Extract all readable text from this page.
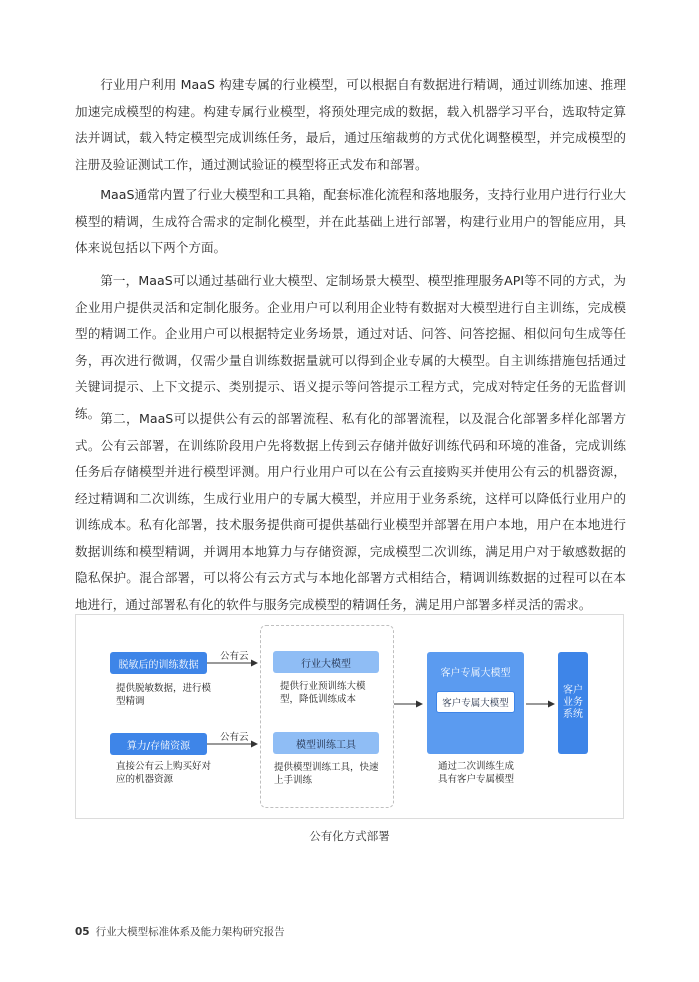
行业用户利用 MaaS 构建专属的行业模型，可以根据自有数据进行精调，通过训练加速、推理加速完成模型的构建。构建专属行业模型，将预处理完成的数据，载入机器学习平台，选取特定算法并调试，载入特定模型完成训练任务，最后，通过压缩裁剪的方式优化调整模型，并完成模型的注册及验证测试工作，通过测试验证的模型将正式发布和部署。

MaaS通常内置了行业大模型和工具箱，配套标准化流程和落地服务，支持行业用户进行行业大模型的精调，生成符合需求的定制化模型，并在此基础上进行部署，构建行业用户的智能应用，具体来说包括以下两个方面。

第一，MaaS可以通过基础行业大模型、定制场景大模型、模型推理服务API等不同的方式，为企业用户提供灵活和定制化服务。企业用户可以利用企业特有数据对大模型进行自主训练，完成模型的精调工作。企业用户可以根据特定业务场景，通过对话、问答、问答挖掘、相似问句生成等任务，再次进行微调，仅需少量自训练数据量就可以得到企业专属的大模型。自主训练措施包括通过关键词提示、上下文提示、类别提示、语义提示等问答提示工程方式，完成对特定任务的无监督训练。 第二，MaaS可以提供公有云的部署流程、私有化的部署流程，以及混合化部署多样化部署方式。公有云部署，在训练阶段用户先将数据上传到云存储并做好训练代码和环境的准备，完成训练任务后存储模型并进行模型评测。用户行业用户可以在公有云直接购买并使用公有云的机器资源，经过精调和二次训练，生成行业用户的专属大模型，并应用于业务系统，这样可以降低行业用户的训练成本。私有化部署，技术服务提供商可提供基础行业模型并部署在用户本地，用户在本地进行数据训练和模型精调，并调用本地算力与存储资源，完成模型二次训练，满足用户对于敏感数据的隐私保护。混合部署，可以将公有云方式与本地化部署方式相结合，精调训练数据的过程可以在本地进行，通过部署私有化的软件与服务完成模型的精调任务，满足用户部署多样灵活的需求。

脱敏后的训练数据
提供脱敏数据，进行模型精调
公有云
算力/存储资源
直接公有云上购买好对应的机器资源
公有云
行业大模型
提供行业预训练大模型，降低训练成本
模型训练工具
提供模型训练工具，快速上手训练
客户专属大模型
客户专属大模型
通过二次训练生成具有客户专属模型
客户业务系统
公有化方式部署
05 行业大模型标准体系及能力架构研究报告
